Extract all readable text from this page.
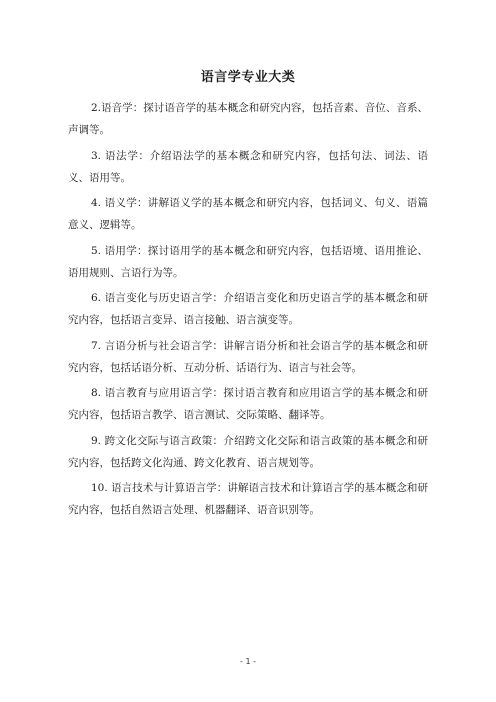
语言学专业大类

2.语音学：探讨语音学的基本概念和研究内容，包括音素、音位、音系、声调等。

3. 语法学：介绍语法学的基本概念和研究内容，包括句法、词法、语义、语用等。

4. 语义学：讲解语义学的基本概念和研究内容，包括词义、句义、语篇意义、逻辑等。

5. 语用学：探讨语用学的基本概念和研究内容，包括语境、语用推论、语用规则、言语行为等。

6. 语言变化与历史语言学：介绍语言变化和历史语言学的基本概念和研究内容，包括语言变异、语言接触、语言演变等。

7. 言语分析与社会语言学：讲解言语分析和社会语言学的基本概念和研究内容，包括话语分析、互动分析、话语行为、语言与社会等。

8. 语言教育与应用语言学：探讨语言教育和应用语言学的基本概念和研究内容，包括语言教学、语言测试、交际策略、翻译等。

9. 跨文化交际与语言政策：介绍跨文化交际和语言政策的基本概念和研究内容，包括跨文化沟通、跨文化教育、语言规划等。

10. 语言技术与计算语言学：讲解语言技术和计算语言学的基本概念和研究内容，包括自然语言处理、机器翻译、语音识别等。

- 1 -
